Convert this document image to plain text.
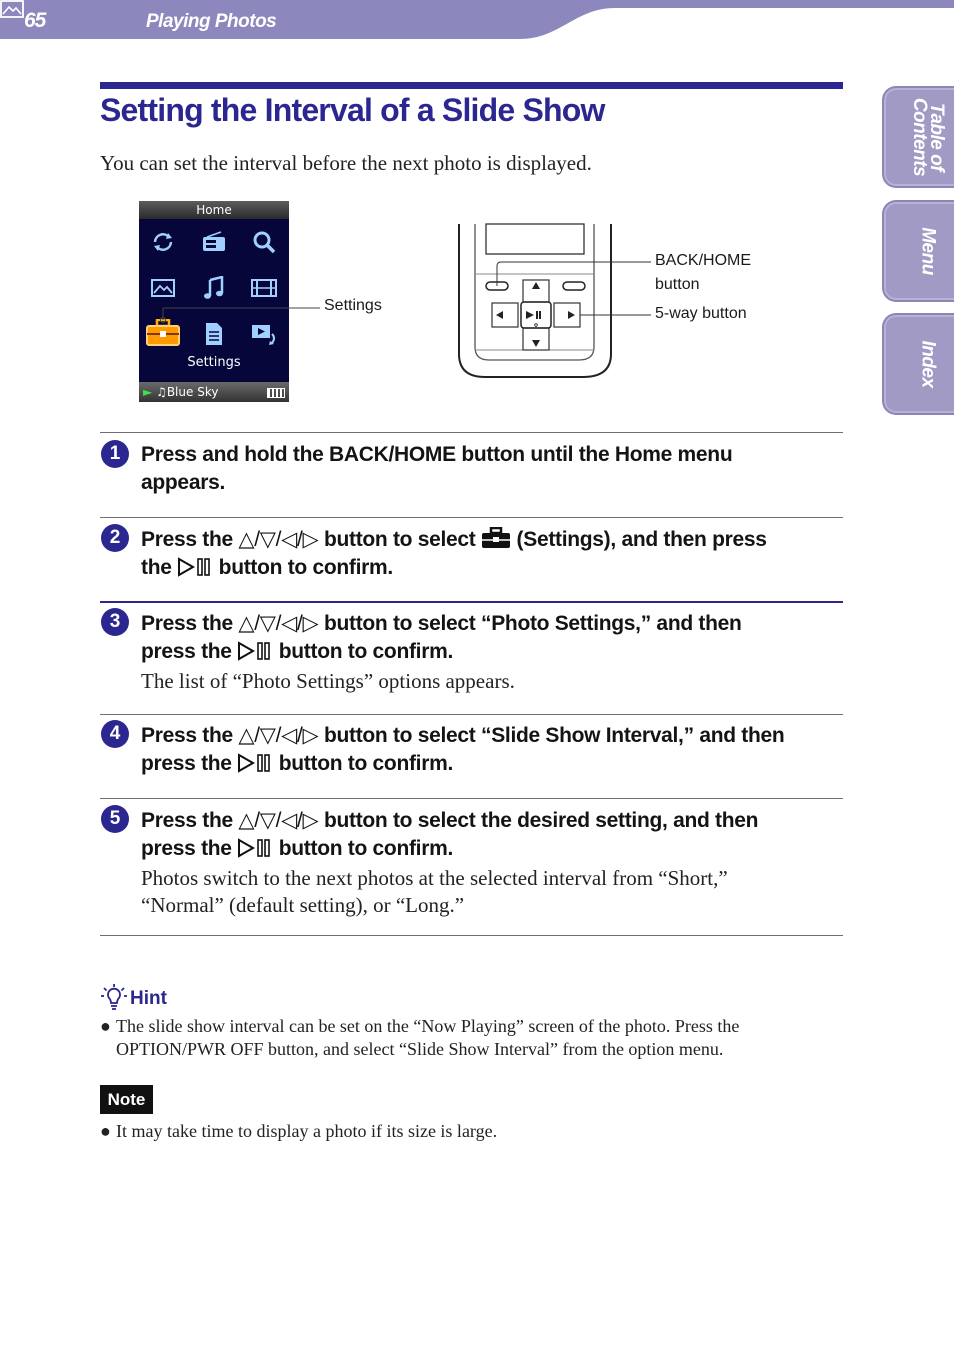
65	Playing Photos
Table of
Contents
Menu
Index
Setting the Interval of a Slide Show
You can set the interval before the next photo is displayed.
Home
Settings
► ♫Blue Sky
Settings
BACK/HOME
button
5-way button
1 Press and hold the BACK/HOME button until the Home menu
appears.
2 Press the △/▽/◁/▷ button to select  (Settings), and then press
the  button to confirm.
3 Press the △/▽/◁/▷ button to select “Photo Settings,” and then
press the  button to confirm.
The list of “Photo Settings” options appears.
4 Press the △/▽/◁/▷ button to select “Slide Show Interval,” and then
press the  button to confirm.
5 Press the △/▽/◁/▷ button to select the desired setting, and then
press the  button to confirm.
Photos switch to the next photos at the selected interval from “Short,”
“Normal” (default setting), or “Long.”
Hint
● The slide show interval can be set on the “Now Playing” screen of the photo. Press the
OPTION/PWR OFF button, and select “Slide Show Interval” from the option menu.
Note
● It may take time to display a photo if its size is large.
